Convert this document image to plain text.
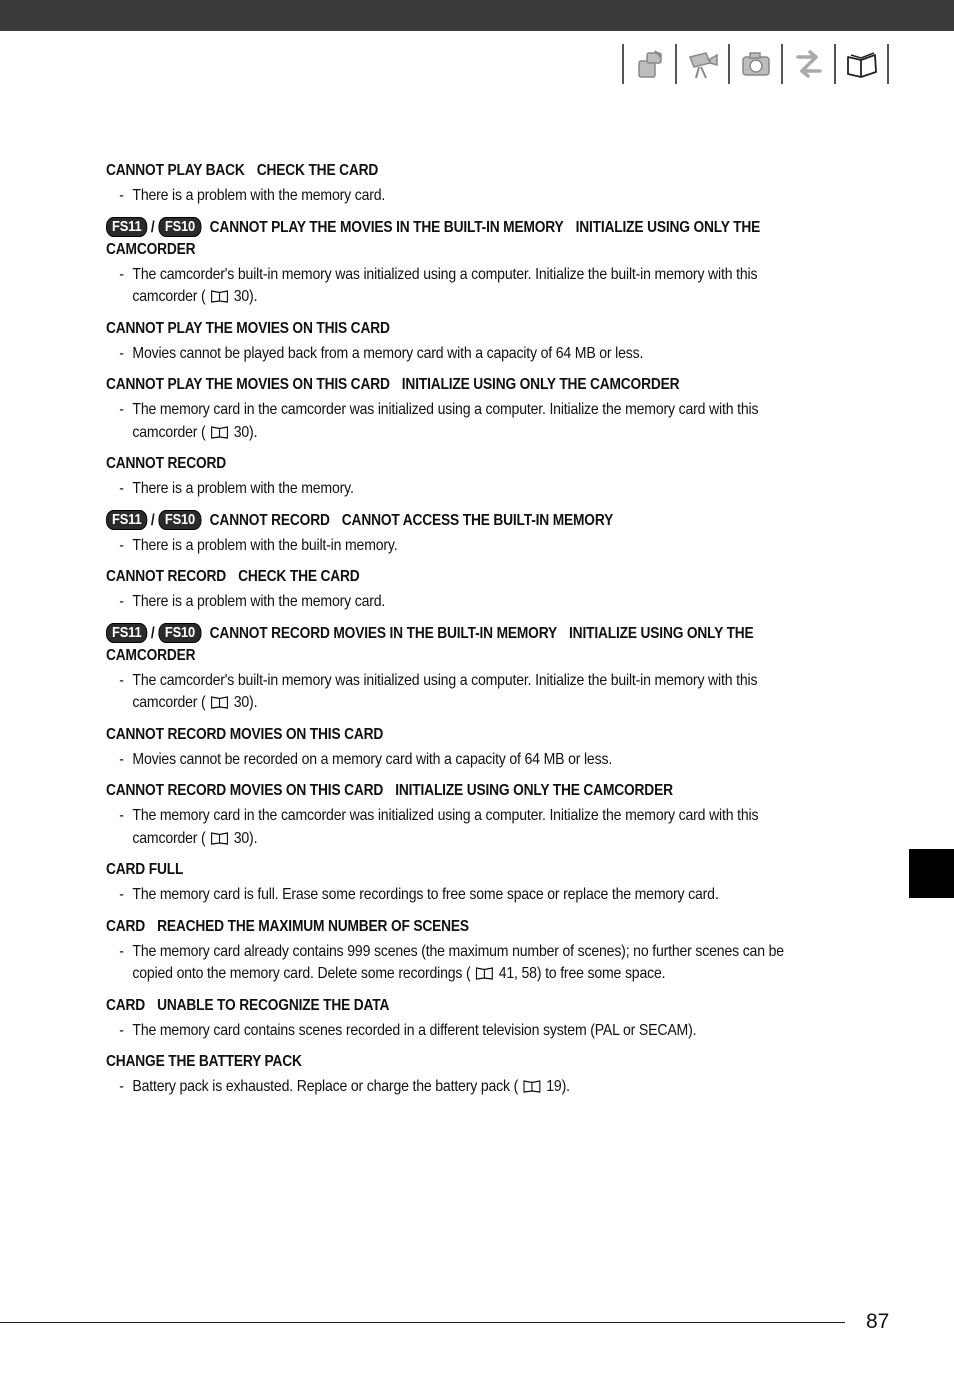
CANNOT PLAY BACK CHECK THE CARD
- There is a problem with the memory card.
FS11 / FS10 CANNOT PLAY THE MOVIES IN THE BUILT-IN MEMORY INITIALIZE USING ONLY THE
CAMCORDER
- The camcorder's built-in memory was initialized using a computer. Initialize the built-in memory with this
camcorder ( 30).
CANNOT PLAY THE MOVIES ON THIS CARD
- Movies cannot be played back from a memory card with a capacity of 64 MB or less.
CANNOT PLAY THE MOVIES ON THIS CARD INITIALIZE USING ONLY THE CAMCORDER
- The memory card in the camcorder was initialized using a computer. Initialize the memory card with this
camcorder ( 30).
CANNOT RECORD
- There is a problem with the memory.
FS11 / FS10 CANNOT RECORD CANNOT ACCESS THE BUILT-IN MEMORY
- There is a problem with the built-in memory.
CANNOT RECORD CHECK THE CARD
- There is a problem with the memory card.
FS11 / FS10 CANNOT RECORD MOVIES IN THE BUILT-IN MEMORY INITIALIZE USING ONLY THE
CAMCORDER
- The camcorder's built-in memory was initialized using a computer. Initialize the built-in memory with this
camcorder ( 30).
CANNOT RECORD MOVIES ON THIS CARD
- Movies cannot be recorded on a memory card with a capacity of 64 MB or less.
CANNOT RECORD MOVIES ON THIS CARD INITIALIZE USING ONLY THE CAMCORDER
- The memory card in the camcorder was initialized using a computer. Initialize the memory card with this
camcorder ( 30).
CARD FULL
- The memory card is full. Erase some recordings to free some space or replace the memory card.
CARD REACHED THE MAXIMUM NUMBER OF SCENES
- The memory card already contains 999 scenes (the maximum number of scenes); no further scenes can be
copied onto the memory card. Delete some recordings ( 41, 58) to free some space.
CARD UNABLE TO RECOGNIZE THE DATA
- The memory card contains scenes recorded in a different television system (PAL or SECAM).
CHANGE THE BATTERY PACK
- Battery pack is exhausted. Replace or charge the battery pack ( 19).
87
